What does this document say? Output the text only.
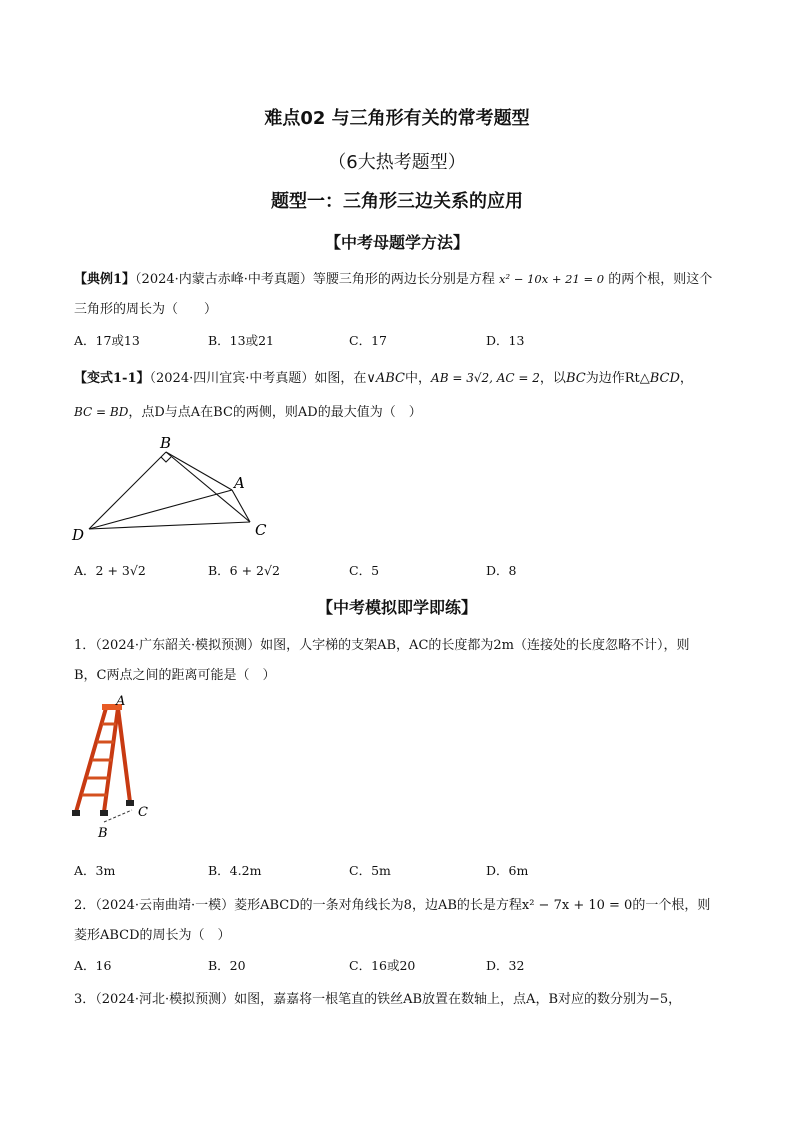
难点02 与三角形有关的常考题型
（6大热考题型）
题型一：三角形三边关系的应用
【中考母题学方法】
【典例1】（2024·内蒙古赤峰·中考真题）等腰三角形的两边长分别是方程 x² − 10x + 21 = 0 的两个根，则这个
三角形的周长为（　　）
A．17或13	B．13或21	C．17	D．13
【变式1-1】（2024·四川宜宾·中考真题）如图，在∨ABC中，AB = 3√2, AC = 2，以BC为边作Rt△BCD，
BC = BD，点D与点A在BC的两侧，则AD的最大值为（　）
B
A
D	C
A．2 + 3√2	B．6 + 2√2	C．5	D．8
【中考模拟即学即练】
1．（2024·广东韶关·模拟预测）如图，人字梯的支架AB，AC的长度都为2m（连接处的长度忽略不计），则
B，C两点之间的距离可能是（　）
A
B
C
A．3m	B．4.2m	C．5m	D．6m
2．（2024·云南曲靖·一模）菱形ABCD的一条对角线长为8，边AB的长是方程x² − 7x + 10 = 0的一个根，则
菱形ABCD的周长为（　）
A．16	B．20	C．16或20	D．32
3．（2024·河北·模拟预测）如图，嘉嘉将一根笔直的铁丝AB放置在数轴上，点A，B对应的数分别为−5，
